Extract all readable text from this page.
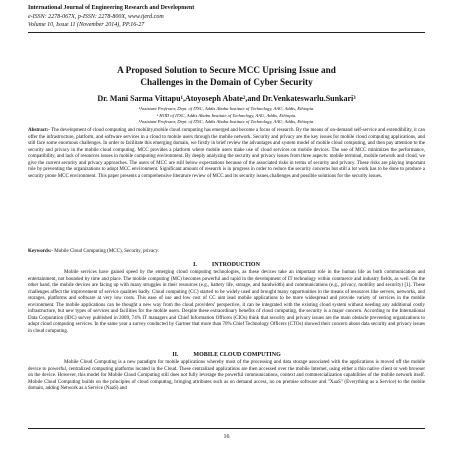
International Journal of Engineering Research and Development
e-ISSN: 2278-067X, p-ISSN: 2278-800X, www.ijerd.com
Volume 10, Issue 11 (November 2014), PP.16-27
A Proposed Solution to Secure MCC Uprising Issue and
Challenges in the Domain of Cyber Security
Dr. Mani Sarma Vittapu¹,Atoyoseph Abate²,and Dr.Venkateswarlu.Sunkari³
¹Assistant Professor, Dept. of ITSC, Addis Ababa Institute of Technology, AAU, Addis, Ethiopia.
² HOD of ITSC, Addis Ababa Institute of Technology, AAU, Addis, Ethiopia.
³Assistant Professor, Dept. of ITSC, Addis Ababa Institute of Technology, AAU, Addis, Ethiopia.

Abstract:- The development of cloud computing and mobility,mobile cloud computing has emerged and become a focus of research. By the means of on-demand self-service and extendibility, it can offer the infrastructure, platform, and software services in a cloud to mobile users through the mobile network. Security and privacy are the key issues for mobile cloud computing applications, and still face some enormous challenges. In order to facilitate this emerging domain, we firstly in brief review the advantages and system model of mobile cloud computing, and then pay attention to the security and privacy in the mobile cloud computing. MCC provides a platform where mobile users make use of cloud services on mobile devices. The use of MCC minimizes the performance, compatibility, and lack of resources issues in mobile computing environment. By deeply analyzing the security and privacy issues from three aspects: mobile terminal, mobile network and cloud, we give the current security and privacy approaches. The users of MCC are still below expectations because of the associated risks in terms of security and privacy. These risks are playing important role by preventing the organizations to adopt MCC environment. Significant amount of research is in progress in order to reduce the security concerns but still a lot work has to be done to produce a security prone MCC environment. This paper presents a comprehensive literature review of MCC and its security issues,challenges and possible solutions for the security issues.

Keywords:- Mobile Cloud Computing (MCC), Security, privacy.

I.          INTRODUCTION

Mobile services have gained speed by the emerging cloud computing technologies, as these devices take an important role in the human life as both communication and entertainment, not bounded by time and place. The mobile computing (MC) becomes powerful and rapid in the development of IT technology within commerce and industry fields, as well. On the other hand, the mobile devices are facing up with many struggles in their resources (e.g., battery life, storage, and bandwidth) and communications (e.g., privacy, mobility and security) [1]. These challenges affect the improvement of service qualities badly. Cloud computing (CC) started to be widely used and brought many opportunities in the means of resources like servers, networks, and storages, platforms and software at very low costs. This ease of use and low cost of CC aim lead mobile applications to be more widespread and provide variety of services in the mobile environment. The mobile applications can be thought a new way from the cloud providers' perspective, it can be integrated with the existing cloud system without needing any additional costly infrastructure, but new types of services and facilities for the mobile users. Despite these extraordinary benefits of cloud computing, the security is a major concern. According to the International Data Corporation (IDC) survey published in 2009, 74% IT managers and Chief Information Officers (CIOs) think that security and privacy issues are the main obstacle preventing organizations to adopt cloud computing services. In the same year a survey conducted by Gartner that more than 70% Chief Technology Officers (CTOs) showed their concern about data security and privacy issues in cloud computing.

II.          MOBILE CLOUD COMPUTING

Mobile Cloud Computing is a new paradigm for mobile applications whereby most of the processing and data storage associated with the applications is moved off the mobile device to powerful, centralized computing platforms located in the Cloud. These centralized applications are then accessed over the mobile Internet, using either a thin native client or web browser on the device. However, this model for Mobile Cloud Computing still does not fully leverage the powerful communications, context and commercialization capabilities of the mobile network itself. Mobile Cloud Computing builds on the principles of cloud computing, bringing attributes such as on demand access, no on premise software and "XaaS" (Everything as a Service) to the mobile domain, adding Network as a Service (NaaS) and

16
